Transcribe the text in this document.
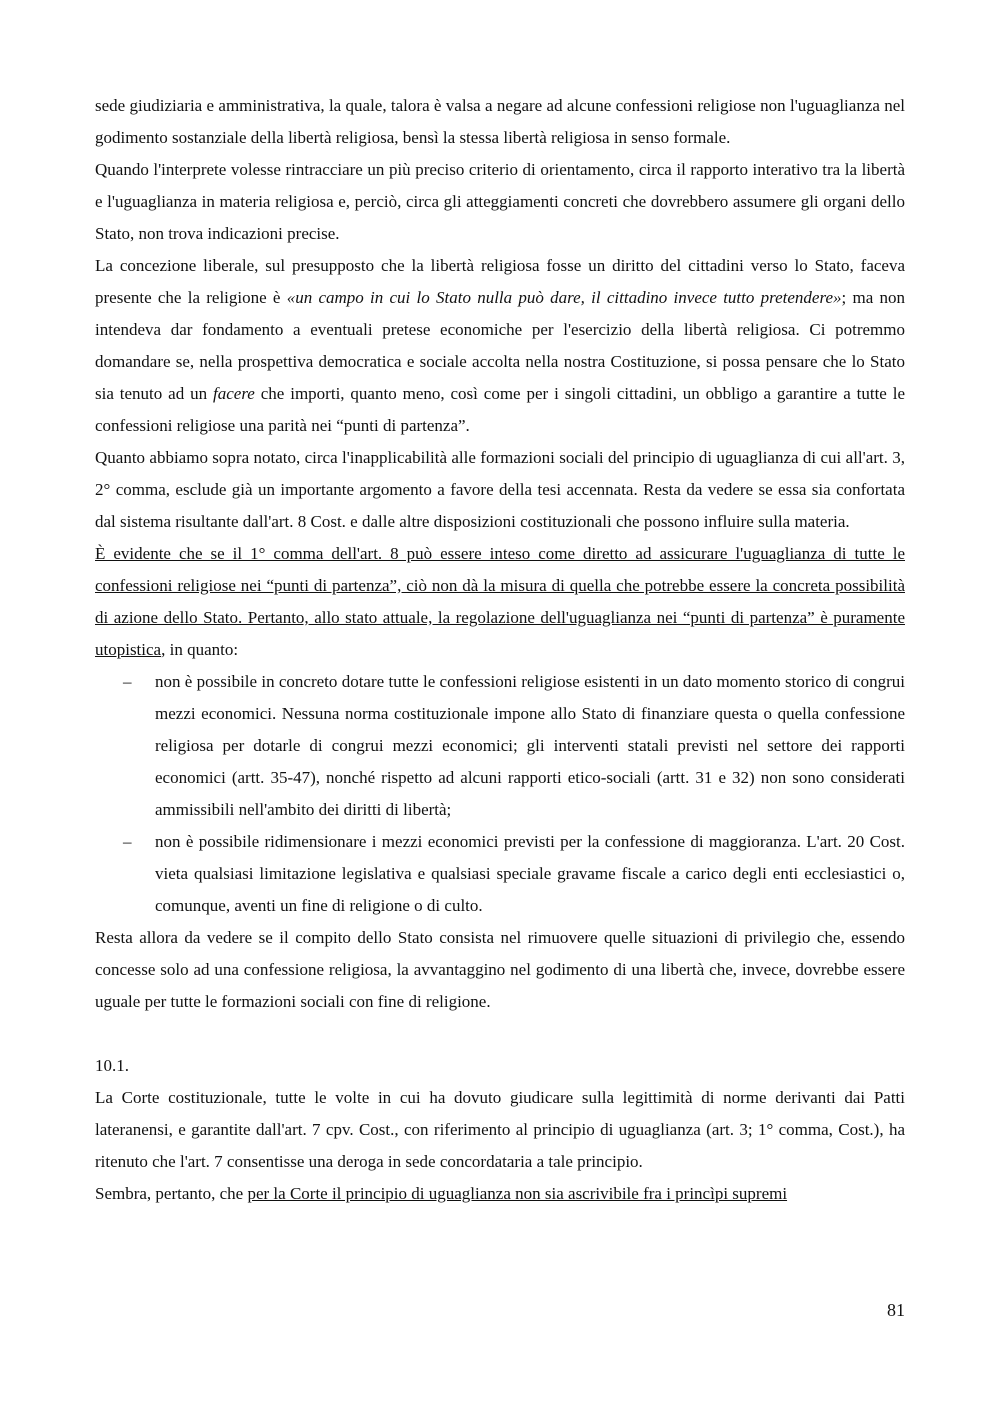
sede giudiziaria e amministrativa, la quale, talora è valsa a negare ad alcune confessioni religiose non l'uguaglianza nel godimento sostanziale della libertà religiosa, bensì la stessa libertà religiosa in senso formale.

Quando l'interprete volesse rintracciare un più preciso criterio di orientamento, circa il rapporto interativo tra la libertà e l'uguaglianza in materia religiosa e, perciò, circa gli atteggiamenti concreti che dovrebbero assumere gli organi dello Stato, non trova indicazioni precise.

La concezione liberale, sul presupposto che la libertà religiosa fosse un diritto del cittadini verso lo Stato, faceva presente che la religione è «un campo in cui lo Stato nulla può dare, il cittadino invece tutto pretendere»; ma non intendeva dar fondamento a eventuali pretese economiche per l'esercizio della libertà religiosa. Ci potremmo domandare se, nella prospettiva democratica e sociale accolta nella nostra Costituzione, si possa pensare che lo Stato sia tenuto ad un facere che importi, quanto meno, così come per i singoli cittadini, un obbligo a garantire a tutte le confessioni religiose una parità nei “punti di partenza”.

Quanto abbiamo sopra notato, circa l'inapplicabilità alle formazioni sociali del principio di uguaglianza di cui all'art. 3, 2° comma, esclude già un importante argomento a favore della tesi accennata. Resta da vedere se essa sia confortata dal sistema risultante dall'art. 8 Cost. e dalle altre disposizioni costituzionali che possono influire sulla materia.

È evidente che se il 1° comma dell'art. 8 può essere inteso come diretto ad assicurare l'uguaglianza di tutte le confessioni religiose nei “punti di partenza”, ciò non dà la misura di quella che potrebbe essere la concreta possibilità di azione dello Stato. Pertanto, allo stato attuale, la regolazione dell'uguaglianza nei “punti di partenza” è puramente utopistica, in quanto:

– non è possibile in concreto dotare tutte le confessioni religiose esistenti in un dato momento storico di congrui mezzi economici. Nessuna norma costituzionale impone allo Stato di finanziare questa o quella confessione religiosa per dotarle di congrui mezzi economici; gli interventi statali previsti nel settore dei rapporti economici (artt. 35-47), nonché rispetto ad alcuni rapporti etico-sociali (artt. 31 e 32) non sono considerati ammissibili nell'ambito dei diritti di libertà;
– non è possibile ridimensionare i mezzi economici previsti per la confessione di maggioranza. L'art. 20 Cost. vieta qualsiasi limitazione legislativa e qualsiasi speciale gravame fiscale a carico degli enti ecclesiastici o, comunque, aventi un fine di religione o di culto.

Resta allora da vedere se il compito dello Stato consista nel rimuovere quelle situazioni di privilegio che, essendo concesse solo ad una confessione religiosa, la avvantaggino nel godimento di una libertà che, invece, dovrebbe essere uguale per tutte le formazioni sociali con fine di religione.

10.1.

La Corte costituzionale, tutte le volte in cui ha dovuto giudicare sulla legittimità di norme derivanti dai Patti lateranensi, e garantite dall'art. 7 cpv. Cost., con riferimento al principio di uguaglianza (art. 3; 1° comma, Cost.), ha ritenuto che l'art. 7 consentisse una deroga in sede concordataria a tale principio.

Sembra, pertanto, che per la Corte il principio di uguaglianza non sia ascrivibile fra i princìpi supremi

81
